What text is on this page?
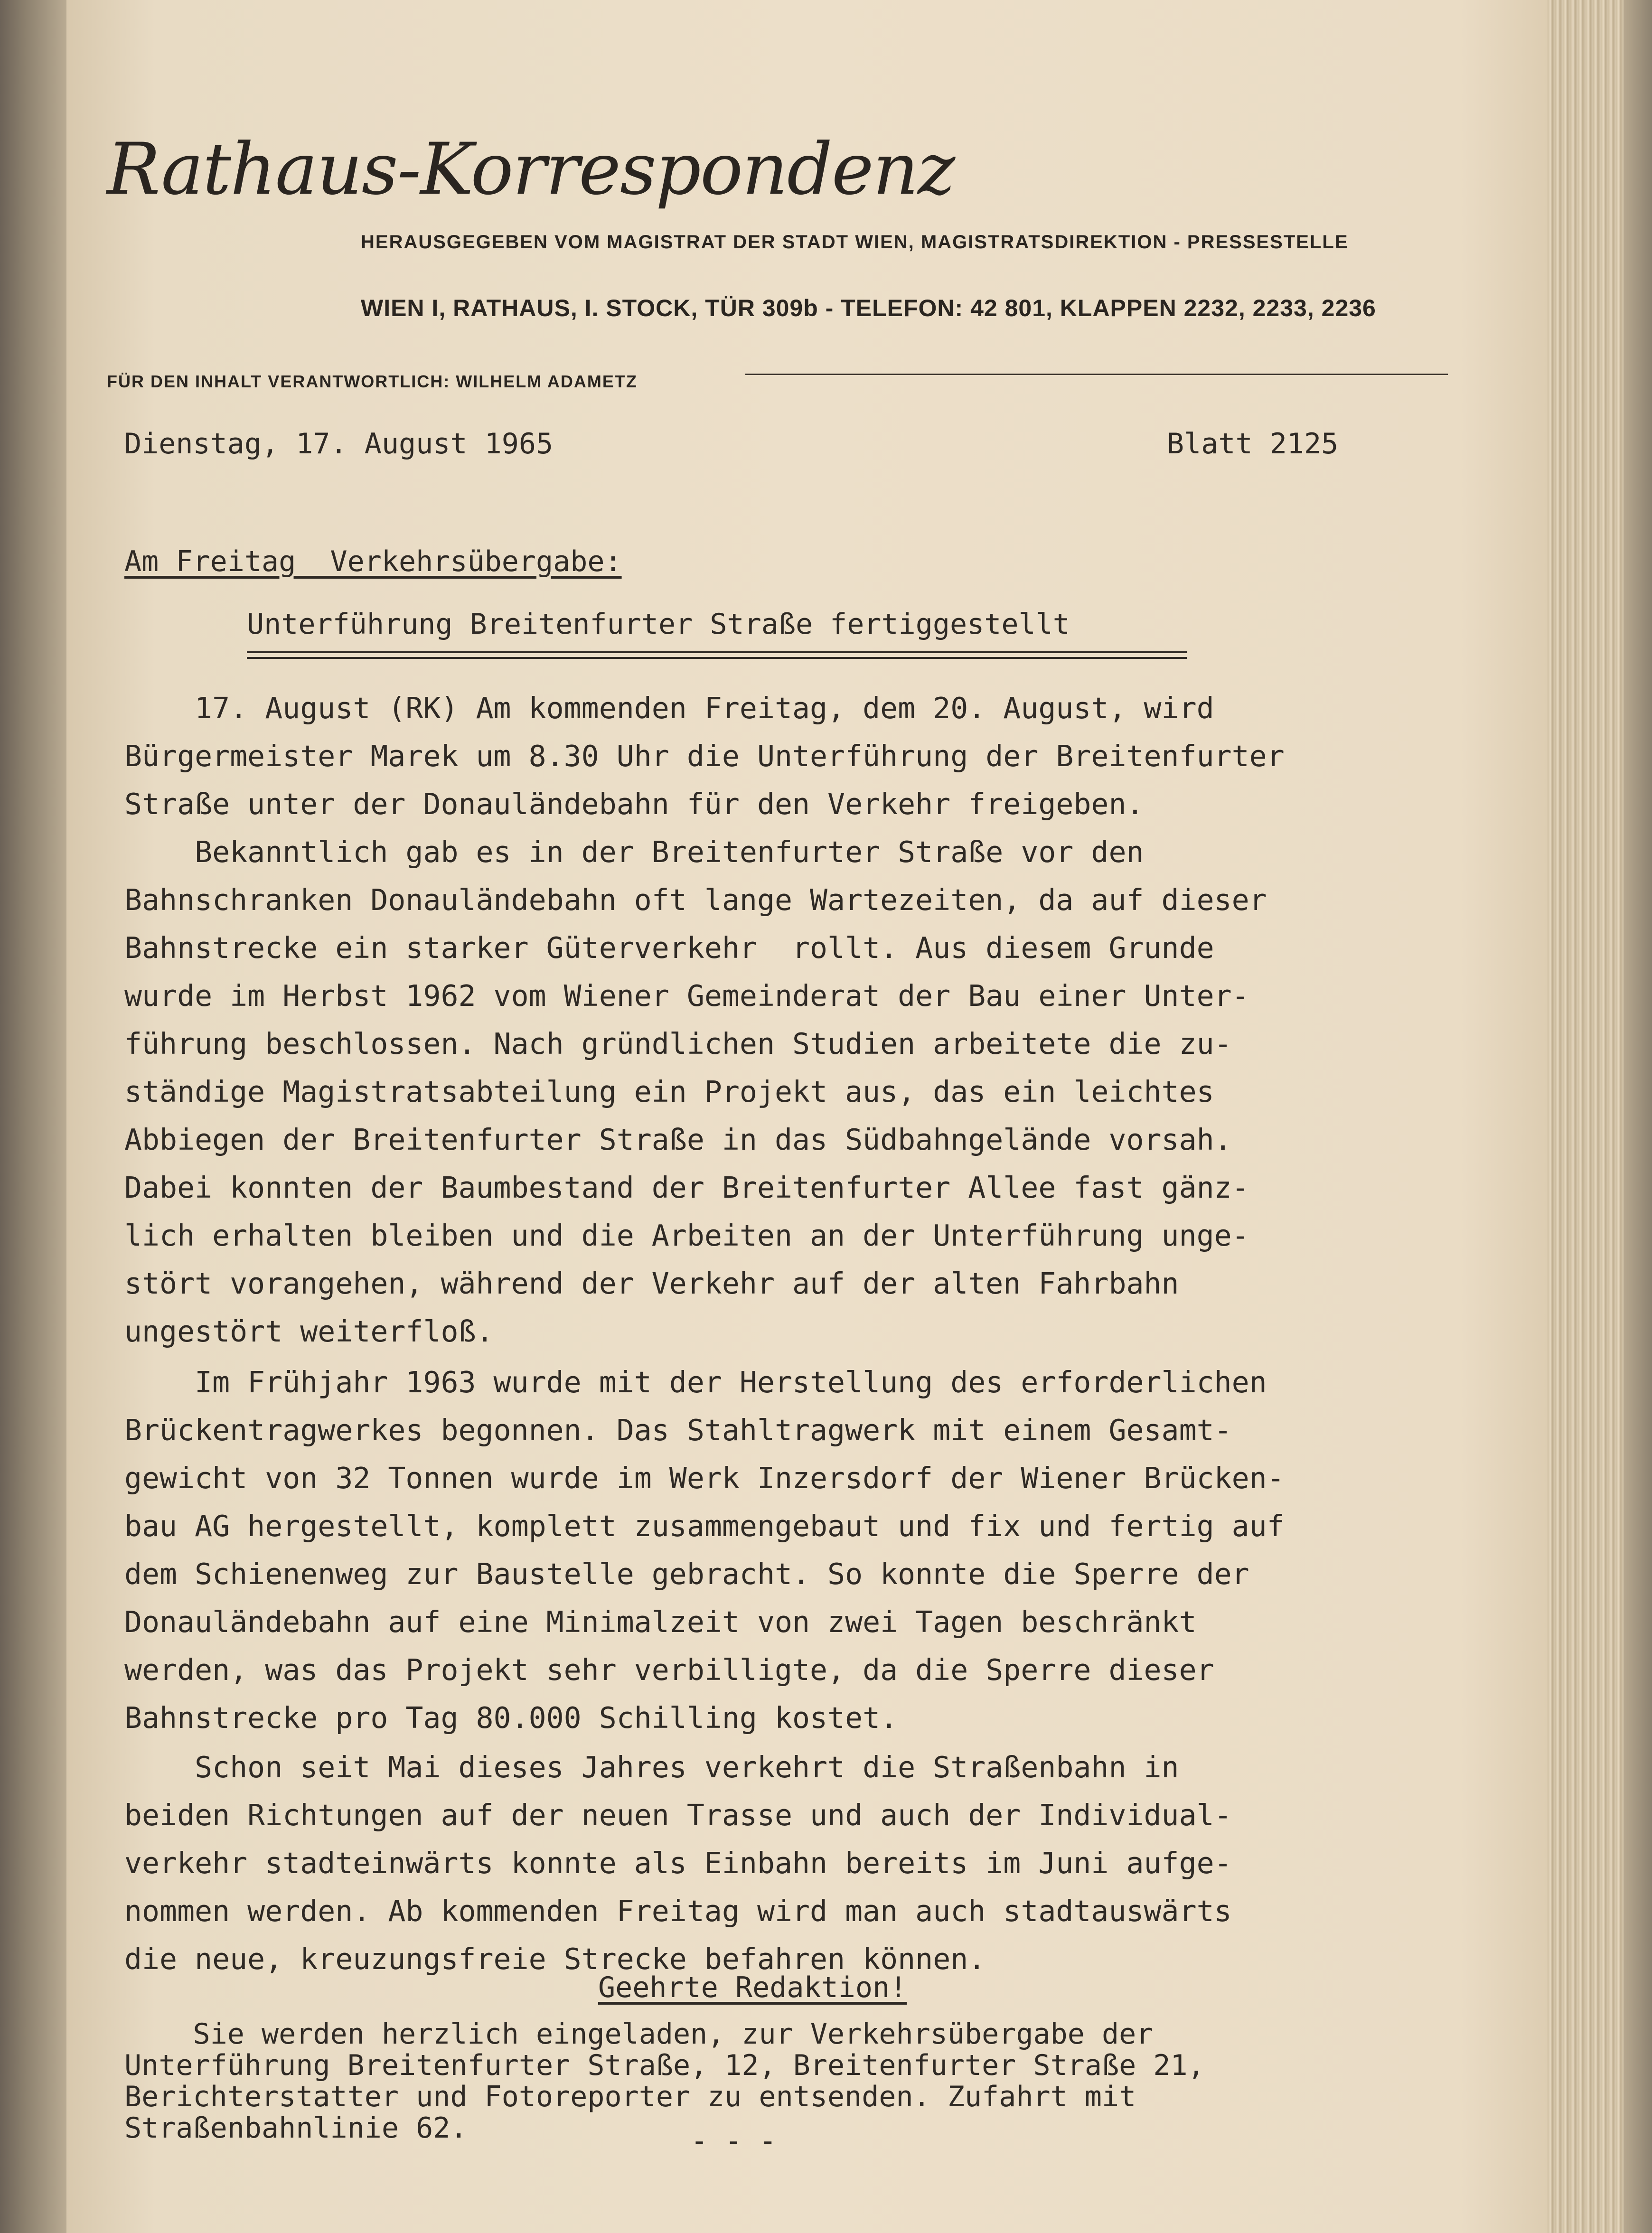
Rathaus-Korrespondenz
HERAUSGEGEBEN VOM MAGISTRAT DER STADT WIEN, MAGISTRATSDIREKTION - PRESSESTELLE
WIEN I, RATHAUS, I. STOCK, TÜR 309b - TELEFON: 42 801, KLAPPEN 2232, 2233, 2236
FÜR DEN INHALT VERANTWORTLICH: WILHELM ADAMETZ
Dienstag, 17. August 1965	Blatt 2125
Am Freitag  Verkehrsübergabe:
Unterführung Breitenfurter Straße fertiggestellt
17. August (RK) Am kommenden Freitag, dem 20. August, wird
Bürgermeister Marek um 8.30 Uhr die Unterführung der Breitenfurter
Straße unter der Donauländebahn für den Verkehr freigeben.
Bekanntlich gab es in der Breitenfurter Straße vor den
Bahnschranken Donauländebahn oft lange Wartezeiten, da auf dieser
Bahnstrecke ein starker Güterverkehr  rollt. Aus diesem Grunde
wurde im Herbst 1962 vom Wiener Gemeinderat der Bau einer Unter-
führung beschlossen. Nach gründlichen Studien arbeitete die zu-
ständige Magistratsabteilung ein Projekt aus, das ein leichtes
Abbiegen der Breitenfurter Straße in das Südbahngelände vorsah.
Dabei konnten der Baumbestand der Breitenfurter Allee fast gänz-
lich erhalten bleiben und die Arbeiten an der Unterführung unge-
stört vorangehen, während der Verkehr auf der alten Fahrbahn
ungestört weiterfloß.
Im Frühjahr 1963 wurde mit der Herstellung des erforderlichen
Brückentragwerkes begonnen. Das Stahltragwerk mit einem Gesamt-
gewicht von 32 Tonnen wurde im Werk Inzersdorf der Wiener Brücken-
bau AG hergestellt, komplett zusammengebaut und fix und fertig auf
dem Schienenweg zur Baustelle gebracht. So konnte die Sperre der
Donauländebahn auf eine Minimalzeit von zwei Tagen beschränkt
werden, was das Projekt sehr verbilligte, da die Sperre dieser
Bahnstrecke pro Tag 80.000 Schilling kostet.
Schon seit Mai dieses Jahres verkehrt die Straßenbahn in
beiden Richtungen auf der neuen Trasse und auch der Individual-
verkehr stadteinwärts konnte als Einbahn bereits im Juni aufge-
nommen werden. Ab kommenden Freitag wird man auch stadtauswärts
die neue, kreuzungsfreie Strecke befahren können.
Geehrte Redaktion!
Sie werden herzlich eingeladen, zur Verkehrsübergabe der
Unterführung Breitenfurter Straße, 12, Breitenfurter Straße 21,
Berichterstatter und Fotoreporter zu entsenden. Zufahrt mit
Straßenbahnlinie 62.	- - -
